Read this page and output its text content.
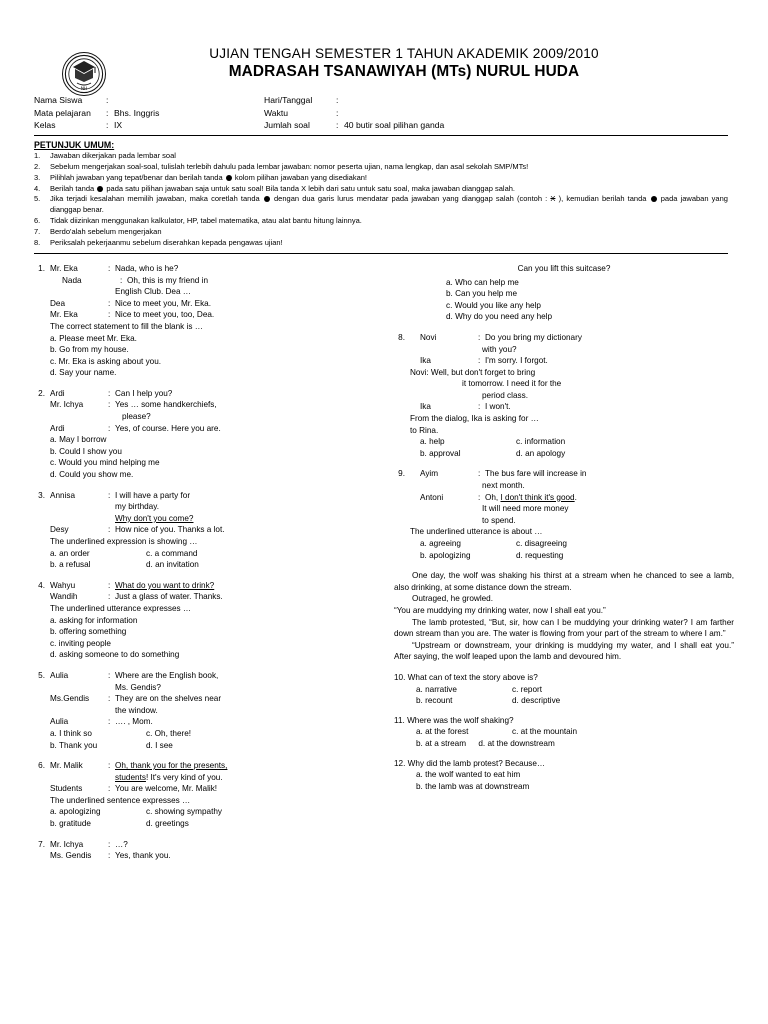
NH
UJIAN TENGAH SEMESTER 1 TAHUN AKADEMIK 2009/2010
MADRASAH TSANAWIYAH (MTs) NURUL HUDA
Nama Siswa	:	Hari/Tanggal	:
Mata pelajaran	: Bhs. Inggris	Waktu	:
Kelas	: IX	Jumlah soal	: 40 butir soal pilihan ganda
PETUNJUK UMUM:
1.	Jawaban dikerjakan pada lembar soal
2.	Sebelum mengerjakan soal-soal, tulislah terlebih dahulu pada lembar jawaban: nomor peserta ujian, nama lengkap, dan asal sekolah SMP/MTs!
3.	Pilihlah jawaban yang tepat/benar dan berilah tanda kolom pilihan jawaban yang disediakan!
4.	Berilah tanda pada satu pilihan jawaban saja untuk satu soal! Bila tanda X lebih dari satu untuk satu soal, maka jawaban dianggap salah.
5.	Jika terjadi kesalahan memilih jawaban, maka coretlah tanda dengan dua garis lurus mendatar pada jawaban yang dianggap salah (contoh : X ), kemudian berilah tanda pada jawaban yang dianggap benar.
6.	Tidak diizinkan menggunakan kalkulator, HP, tabel matematika, atau alat bantu hitung lainnya.
7.	Berdo'alah sebelum mengerjakan
8.	Periksalah pekerjaanmu sebelum diserahkan kepada pengawas ujian!
1. Mr. Eka	: Nada, who is he?
Nada	: Oh, this is my friend in
English Club. Dea …
Dea	: Nice to meet you, Mr. Eka.
Mr. Eka	: Nice to meet you, too, Dea.
The correct statement to fill the blank is …
a. Please meet Mr. Eka.
b. Go from my house.
c. Mr. Eka is asking about you.
d. Say your name.
2. Ardi	: Can I help you?
Mr. Ichya	: Yes … some handkerchiefs,
please?
Ardi	: Yes, of course. Here you are.
a. May I borrow
b. Could I show you
c. Would you mind helping me
d. Could you show me.
3. Annisa	: I will have a party for
my birthday.
Why don't you come?
Desy	: How nice of you. Thanks a lot.
The underlined expression is showing …
a. an order	c. a command
b. a refusal	d. an invitation
4. Wahyu	: What do you want to drink?
Wandih	: Just a glass of water. Thanks.
The underlined utterance expresses …
a. asking for information
b. offering something
c. inviting people
d. asking someone to do something
5. Aulia	: Where are the English book,
Ms. Gendis?
Ms.Gendis	: They are on the shelves near
the window.
Aulia	: …. , Mom.
a. I think so	c. Oh, there!
b. Thank you	d. I see
6. Mr. Malik	: Oh, thank you for the presents,
students! It's very kind of you.
Students	: You are welcome, Mr. Malik!
The underlined sentence expresses …
a. apologizing	c. showing sympathy
b. gratitude	d. greetings
7. Mr. Ichya	: …?
Ms. Gendis	: Yes, thank you.
Can you lift this suitcase?
a. Who can help me
b. Can you help me
c. Would you like any help
d. Why do you need any help
8.	Novi	: Do you bring my dictionary
with you?
Ika	: I'm sorry. I forgot.
Novi: Well, but don't forget to bring
it tomorrow. I need it for the
period class.
Ika	: I won't.
From the dialog, Ika is asking for …
to Rina.
a. help	c. information
b. approval	d. an apology
9.	Ayim	: The bus fare will increase in
next month.
Antoni	: Oh, I don't think it's good.
It will need more money
to spend.
The underlined utterance is about …
a. agreeing	c. disagreeing
b. apologizing	d. requesting

One day, the wolf was shaking his thirst at a stream when he chanced to see a lamb, also drinking, at some distance down the stream.

Outraged, he growled.

“You are muddying my drinking water, now I shall eat you.”

The lamb protested, “But, sir, how can I be muddying your drinking water? I am farther down stream than you are. The water is flowing from your part of the stream to where I am.”

“Upstream or downstream, your drinking is muddying my water, and I shall eat you.” After saying, the wolf leaped upon the lamb and devoured him.

10. What can of text the story above is?
a. narrative	c. report
b. recount	d. descriptive
11. Where was the wolf shaking?
a. at the forest	c. at the mountain
b. at a stream d. at the downstream
12. Why did the lamb protest? Because…
a. the wolf wanted to eat him
b. the lamb was at downstream
